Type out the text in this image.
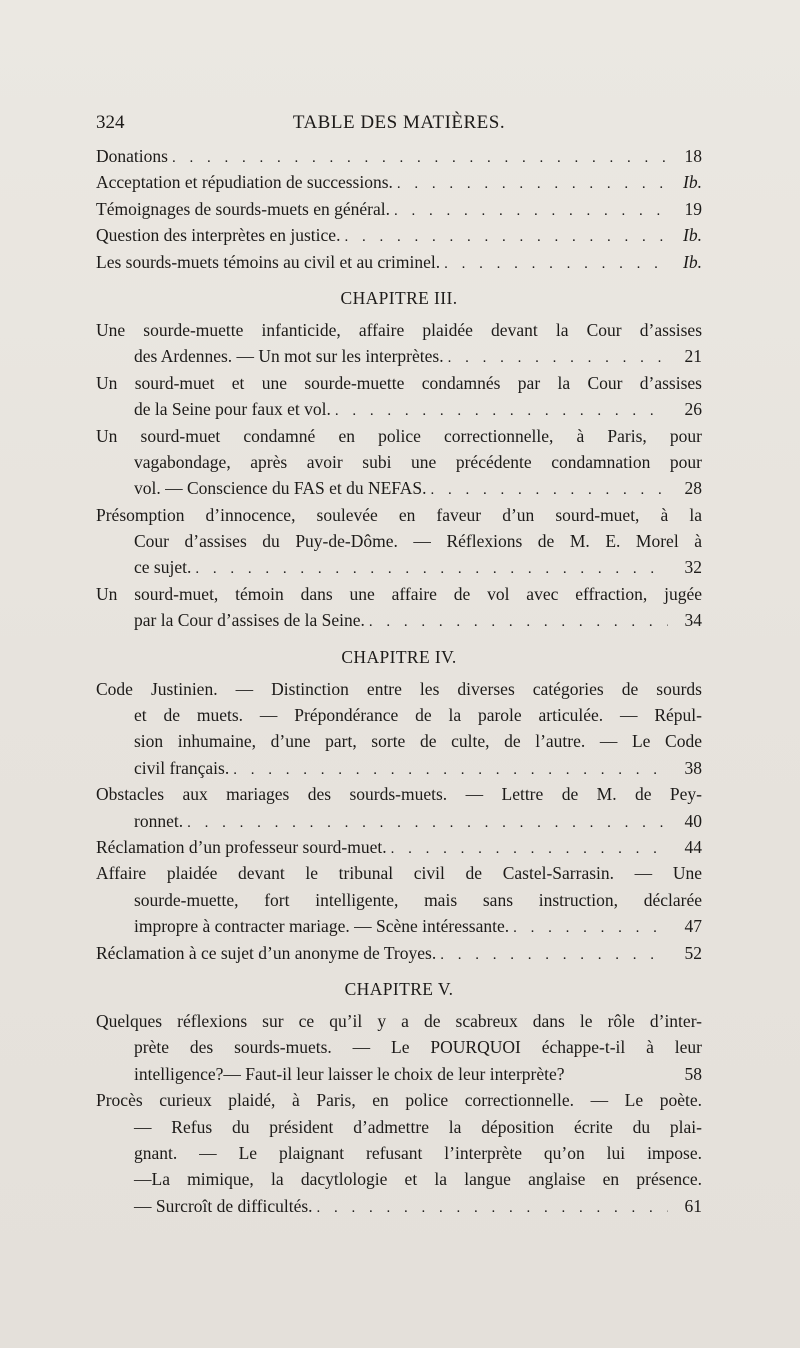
324	TABLE DES MATIÈRES.
Donations . . .	18
Acceptation et répudiation de successions. . . .	Ib.
Témoignages de sourds-muets en général. . . .	19
Question des interprètes en justice. . . .	Ib.
Les sourds-muets témoins au civil et au criminel. . . .	Ib.
CHAPITRE III.
Une sourde-muette infanticide, affaire plaidée devant la Cour d’assises
des Ardennes. — Un mot sur les interprètes. . . .	21
Un sourd-muet et une sourde-muette condamnés par la Cour d’assises
de la Seine pour faux et vol. . . .	26
Un sourd-muet condamné en police correctionnelle, à Paris, pour
vagabondage, après avoir subi une précédente condamnation pour
vol. — Conscience du FAS et du NEFAS. . . .	28
Présomption d’innocence, soulevée en faveur d’un sourd-muet, à la
Cour d’assises du Puy-de-Dôme. — Réflexions de M. E. Morel à
ce sujet. . . .	32
Un sourd-muet, témoin dans une affaire de vol avec effraction, jugée
par la Cour d’assises de la Seine. . . .	34
CHAPITRE IV.
Code Justinien. — Distinction entre les diverses catégories de sourds
et de muets. — Prépondérance de la parole articulée. — Répul-
sion inhumaine, d’une part, sorte de culte, de l’autre. — Le Code
civil français. . . .	38
Obstacles aux mariages des sourds-muets. — Lettre de M. de Pey-
ronnet. . . .	40
Réclamation d’un professeur sourd-muet. . . .	44
Affaire plaidée devant le tribunal civil de Castel-Sarrasin. — Une
sourde-muette, fort intelligente, mais sans instruction, déclarée
impropre à contracter mariage. — Scène intéressante. . . .	47
Réclamation à ce sujet d’un anonyme de Troyes. . . .	52
CHAPITRE V.
Quelques réflexions sur ce qu’il y a de scabreux dans le rôle d’inter-
prète des sourds-muets. — Le POURQUOI échappe-t-il à leur
intelligence?— Faut-il leur laisser le choix de leur interprète?	58
Procès curieux plaidé, à Paris, en police correctionnelle. — Le poète.
— Refus du président d’admettre la déposition écrite du plai-
gnant. — Le plaignant refusant l’interprète qu’on lui impose.
—La mimique, la dacytlologie et la langue anglaise en présence.
— Surcroît de difficultés. . . .	61
